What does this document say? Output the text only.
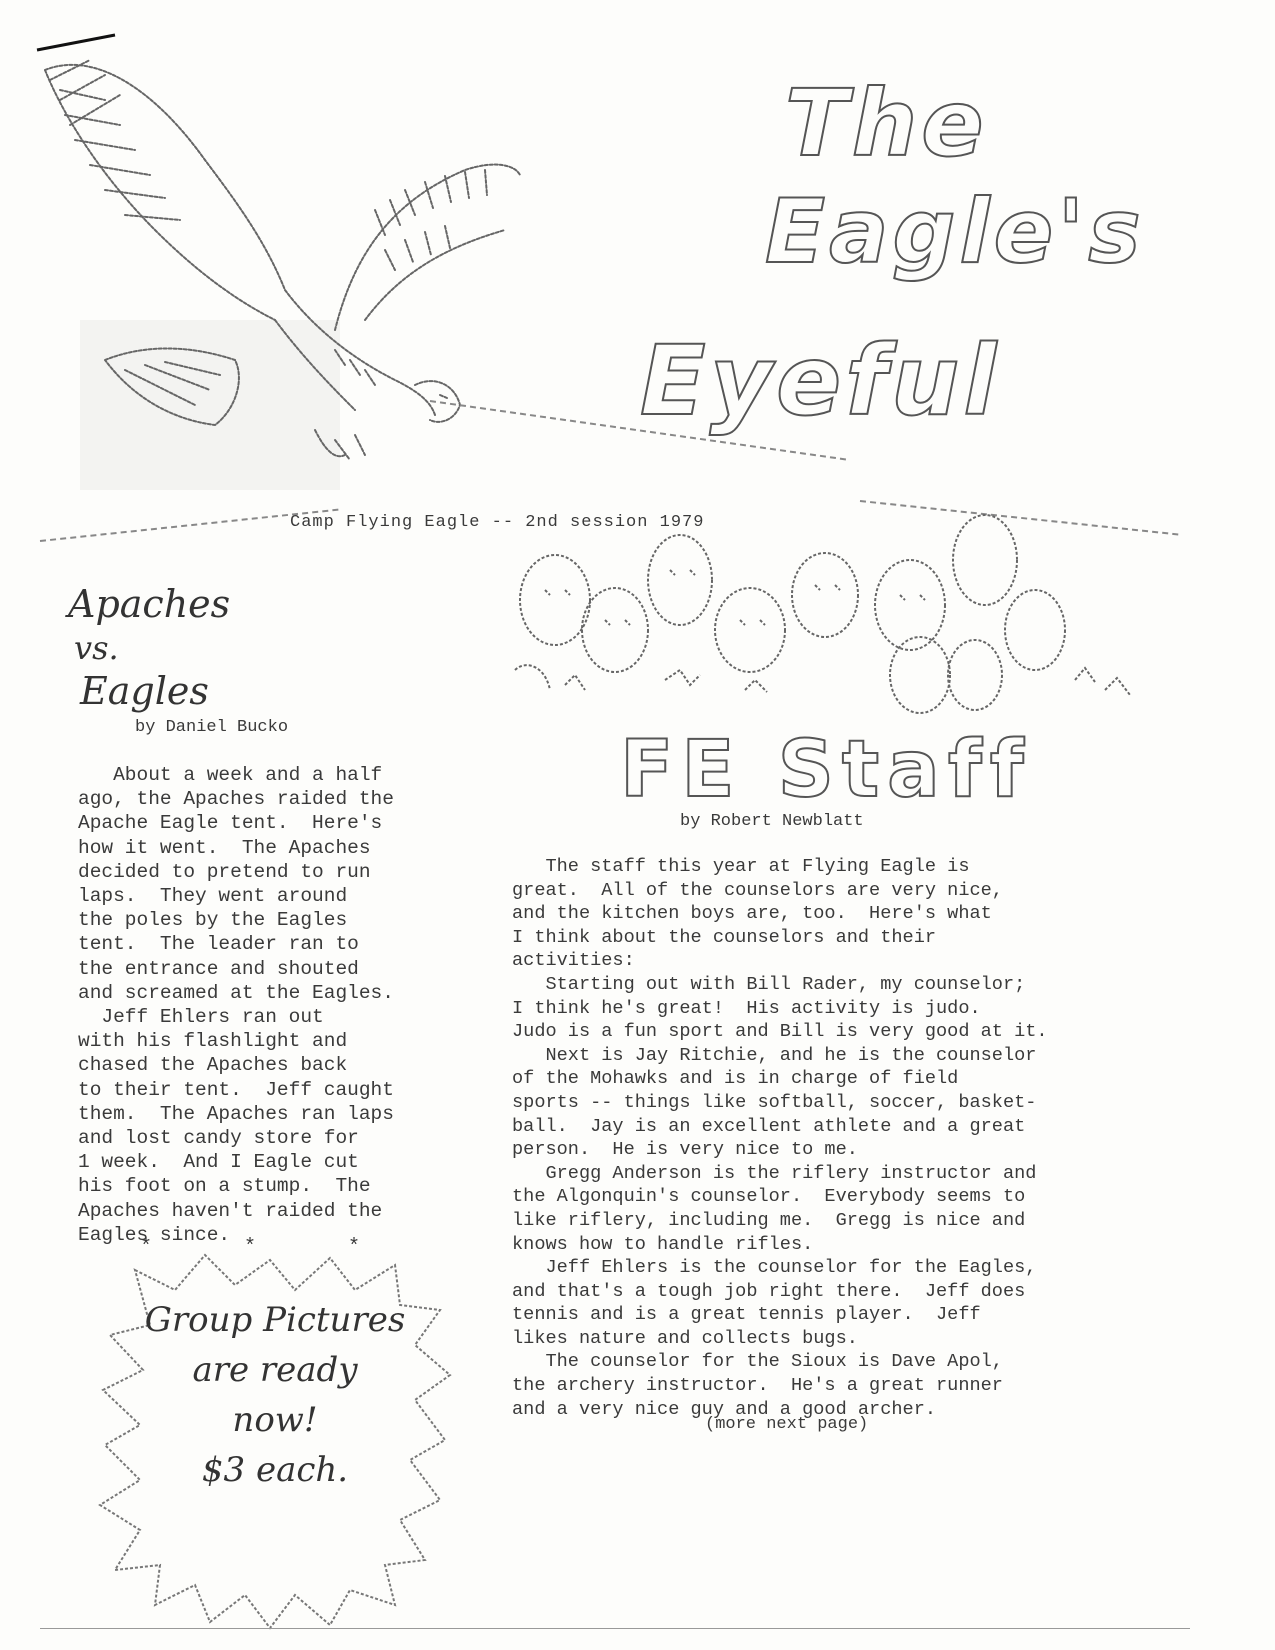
The
Eagle's
Eyeful
Camp Flying Eagle -- 2nd session 1979
Apaches
vs.
Eagles
by Daniel Bucko
About a week and a half
ago, the Apaches raided the
Apache Eagle tent.  Here's
how it went.  The Apaches
decided to pretend to run
laps.  They went around
the poles by the Eagles
tent.  The leader ran to
the entrance and shouted
and screamed at the Eagles.
Jeff Ehlers ran out
with his flashlight and
chased the Apaches back
to their tent.  Jeff caught
them.  The Apaches ran laps
and lost candy store for
1 week.  And I Eagle cut
his foot on a stump.  The
Apaches haven't raided the
Eagles since.
* * *
Group Pictures
are ready
now!
$3 each.
FE Staff
by Robert Newblatt
The staff this year at Flying Eagle is
great.  All of the counselors are very nice,
and the kitchen boys are, too.  Here's what
I think about the counselors and their
activities:
Starting out with Bill Rader, my counselor;
I think he's great!  His activity is judo.
Judo is a fun sport and Bill is very good at it.
Next is Jay Ritchie, and he is the counselor
of the Mohawks and is in charge of field
sports -- things like softball, soccer, basket-
ball.  Jay is an excellent athlete and a great
person.  He is very nice to me.
Gregg Anderson is the riflery instructor and
the Algonquin's counselor.  Everybody seems to
like riflery, including me.  Gregg is nice and
knows how to handle rifles.
Jeff Ehlers is the counselor for the Eagles,
and that's a tough job right there.  Jeff does
tennis and is a great tennis player.  Jeff
likes nature and collects bugs.
The counselor for the Sioux is Dave Apol,
the archery instructor.  He's a great runner
and a very nice guy and a good archer.
(more next page)
